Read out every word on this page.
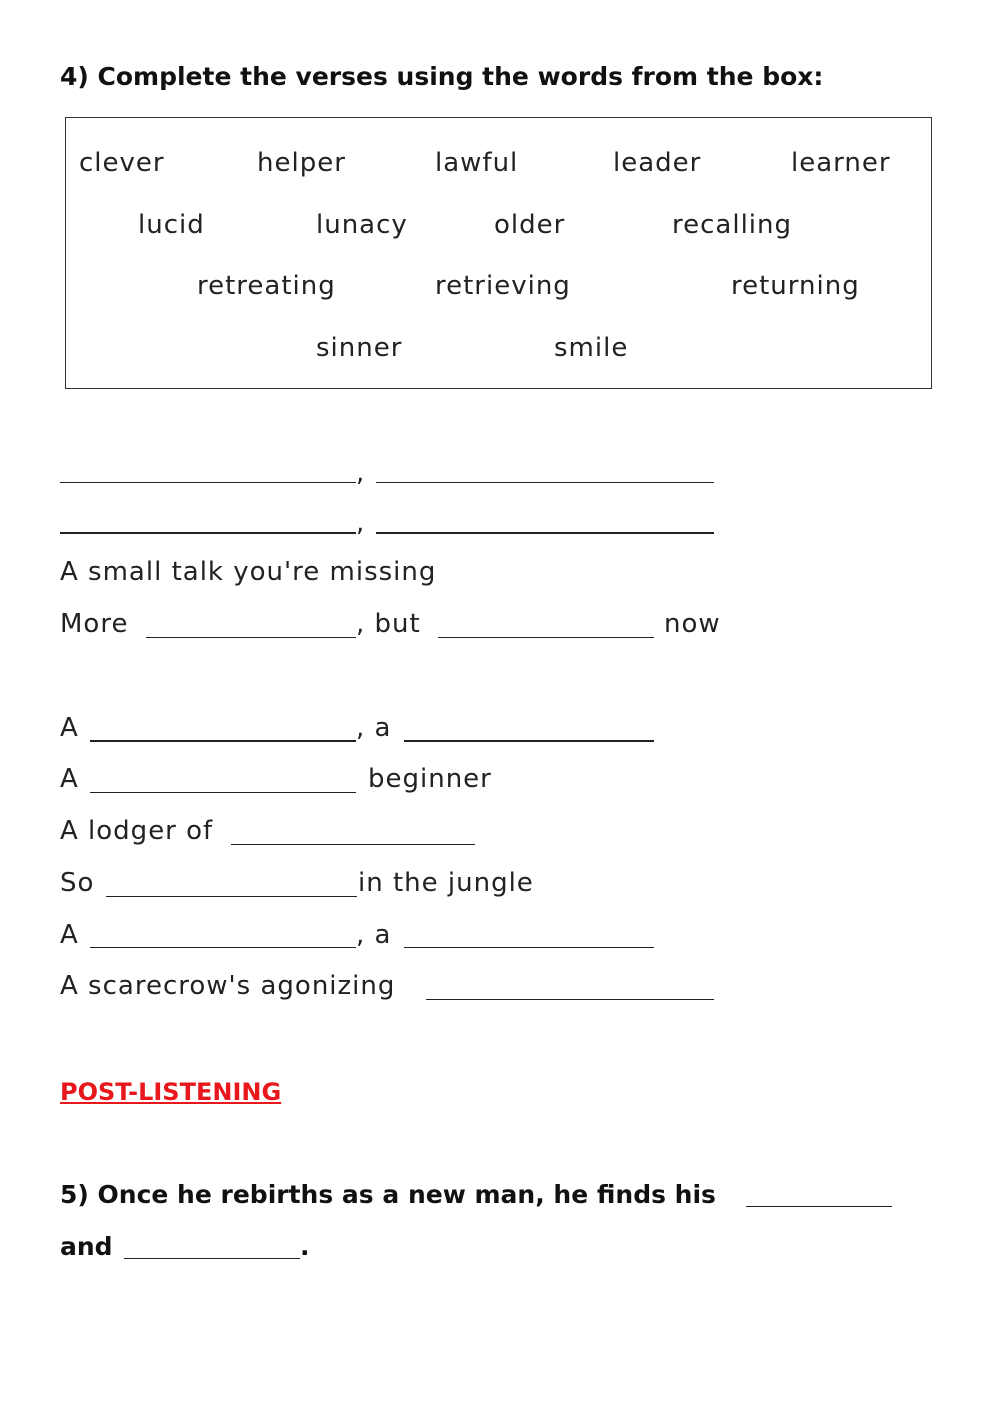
4) Complete the verses using the words from the box:
clever	helper	lawful	leader	learner
lucid	lunacy	older	recalling
retreating	retrieving	returning
sinner	smile
,
,
A small talk you're missing
More	, but	now
A	, a
A	beginner
A lodger of
So	in the jungle
A	, a
A scarecrow's agonizing
POST-LISTENING
5) Once he rebirths as a new man, he finds his
and	.
